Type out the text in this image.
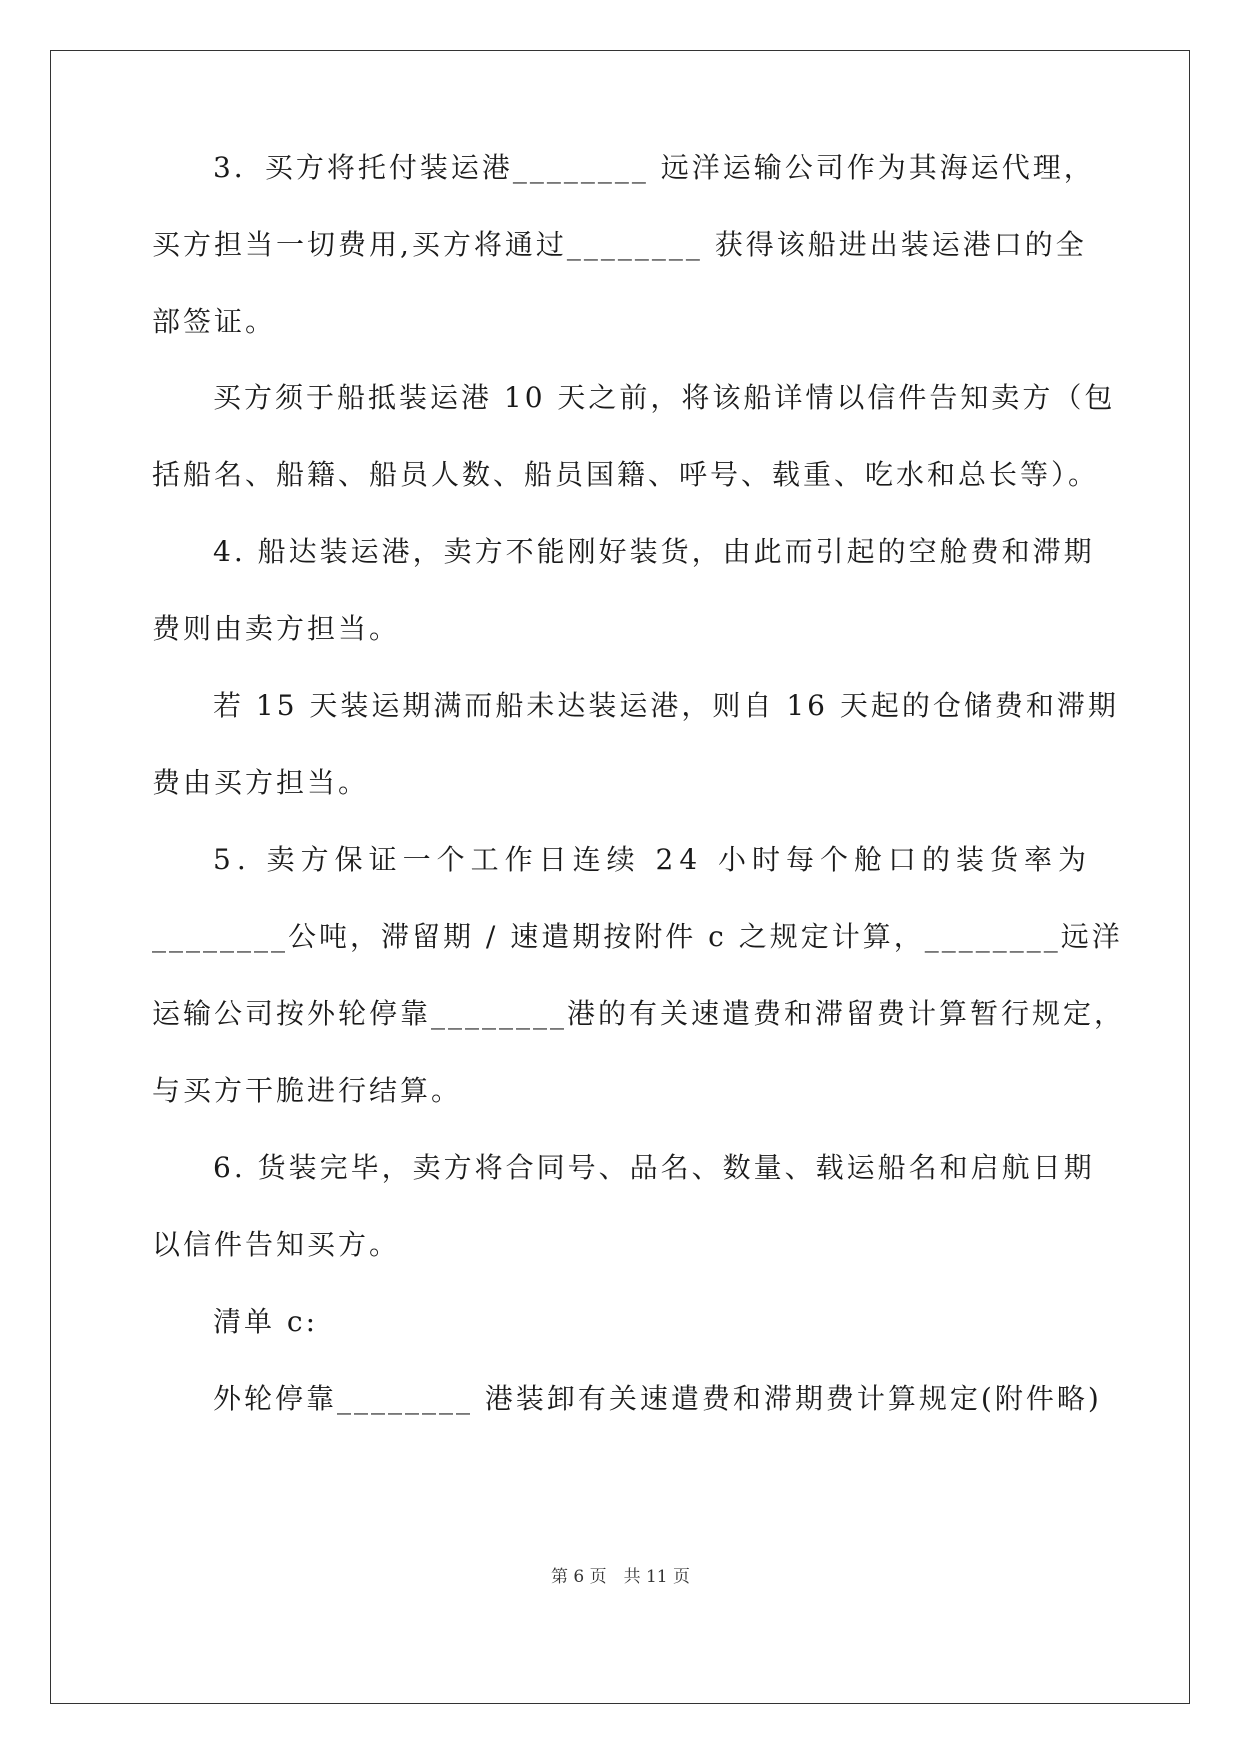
3．买方将托付装运港________ 远洋运输公司作为其海运代理，
买方担当一切费用,买方将通过________ 获得该船进出装运港口的全
部签证。
买方须于船抵装运港 10 天之前，将该船详情以信件告知卖方（包
括船名、船籍、船员人数、船员国籍、呼号、载重、吃水和总长等）。
4. 船达装运港，卖方不能刚好装货，由此而引起的空舱费和滞期
费则由卖方担当。
若 15 天装运期满而船未达装运港，则自 16 天起的仓储费和滞期
费由买方担当。
5. 卖方保证一个工作日连续 24 小时每个舱口的装货率为
________公吨，滞留期 / 速遣期按附件 c 之规定计算，________远洋
运输公司按外轮停靠________港的有关速遣费和滞留费计算暂行规定，
与买方干脆进行结算。
6. 货装完毕，卖方将合同号、品名、数量、载运船名和启航日期
以信件告知买方。
清单 c:
外轮停靠________ 港装卸有关速遣费和滞期费计算规定(附件略)
第 6 页　共 11 页
